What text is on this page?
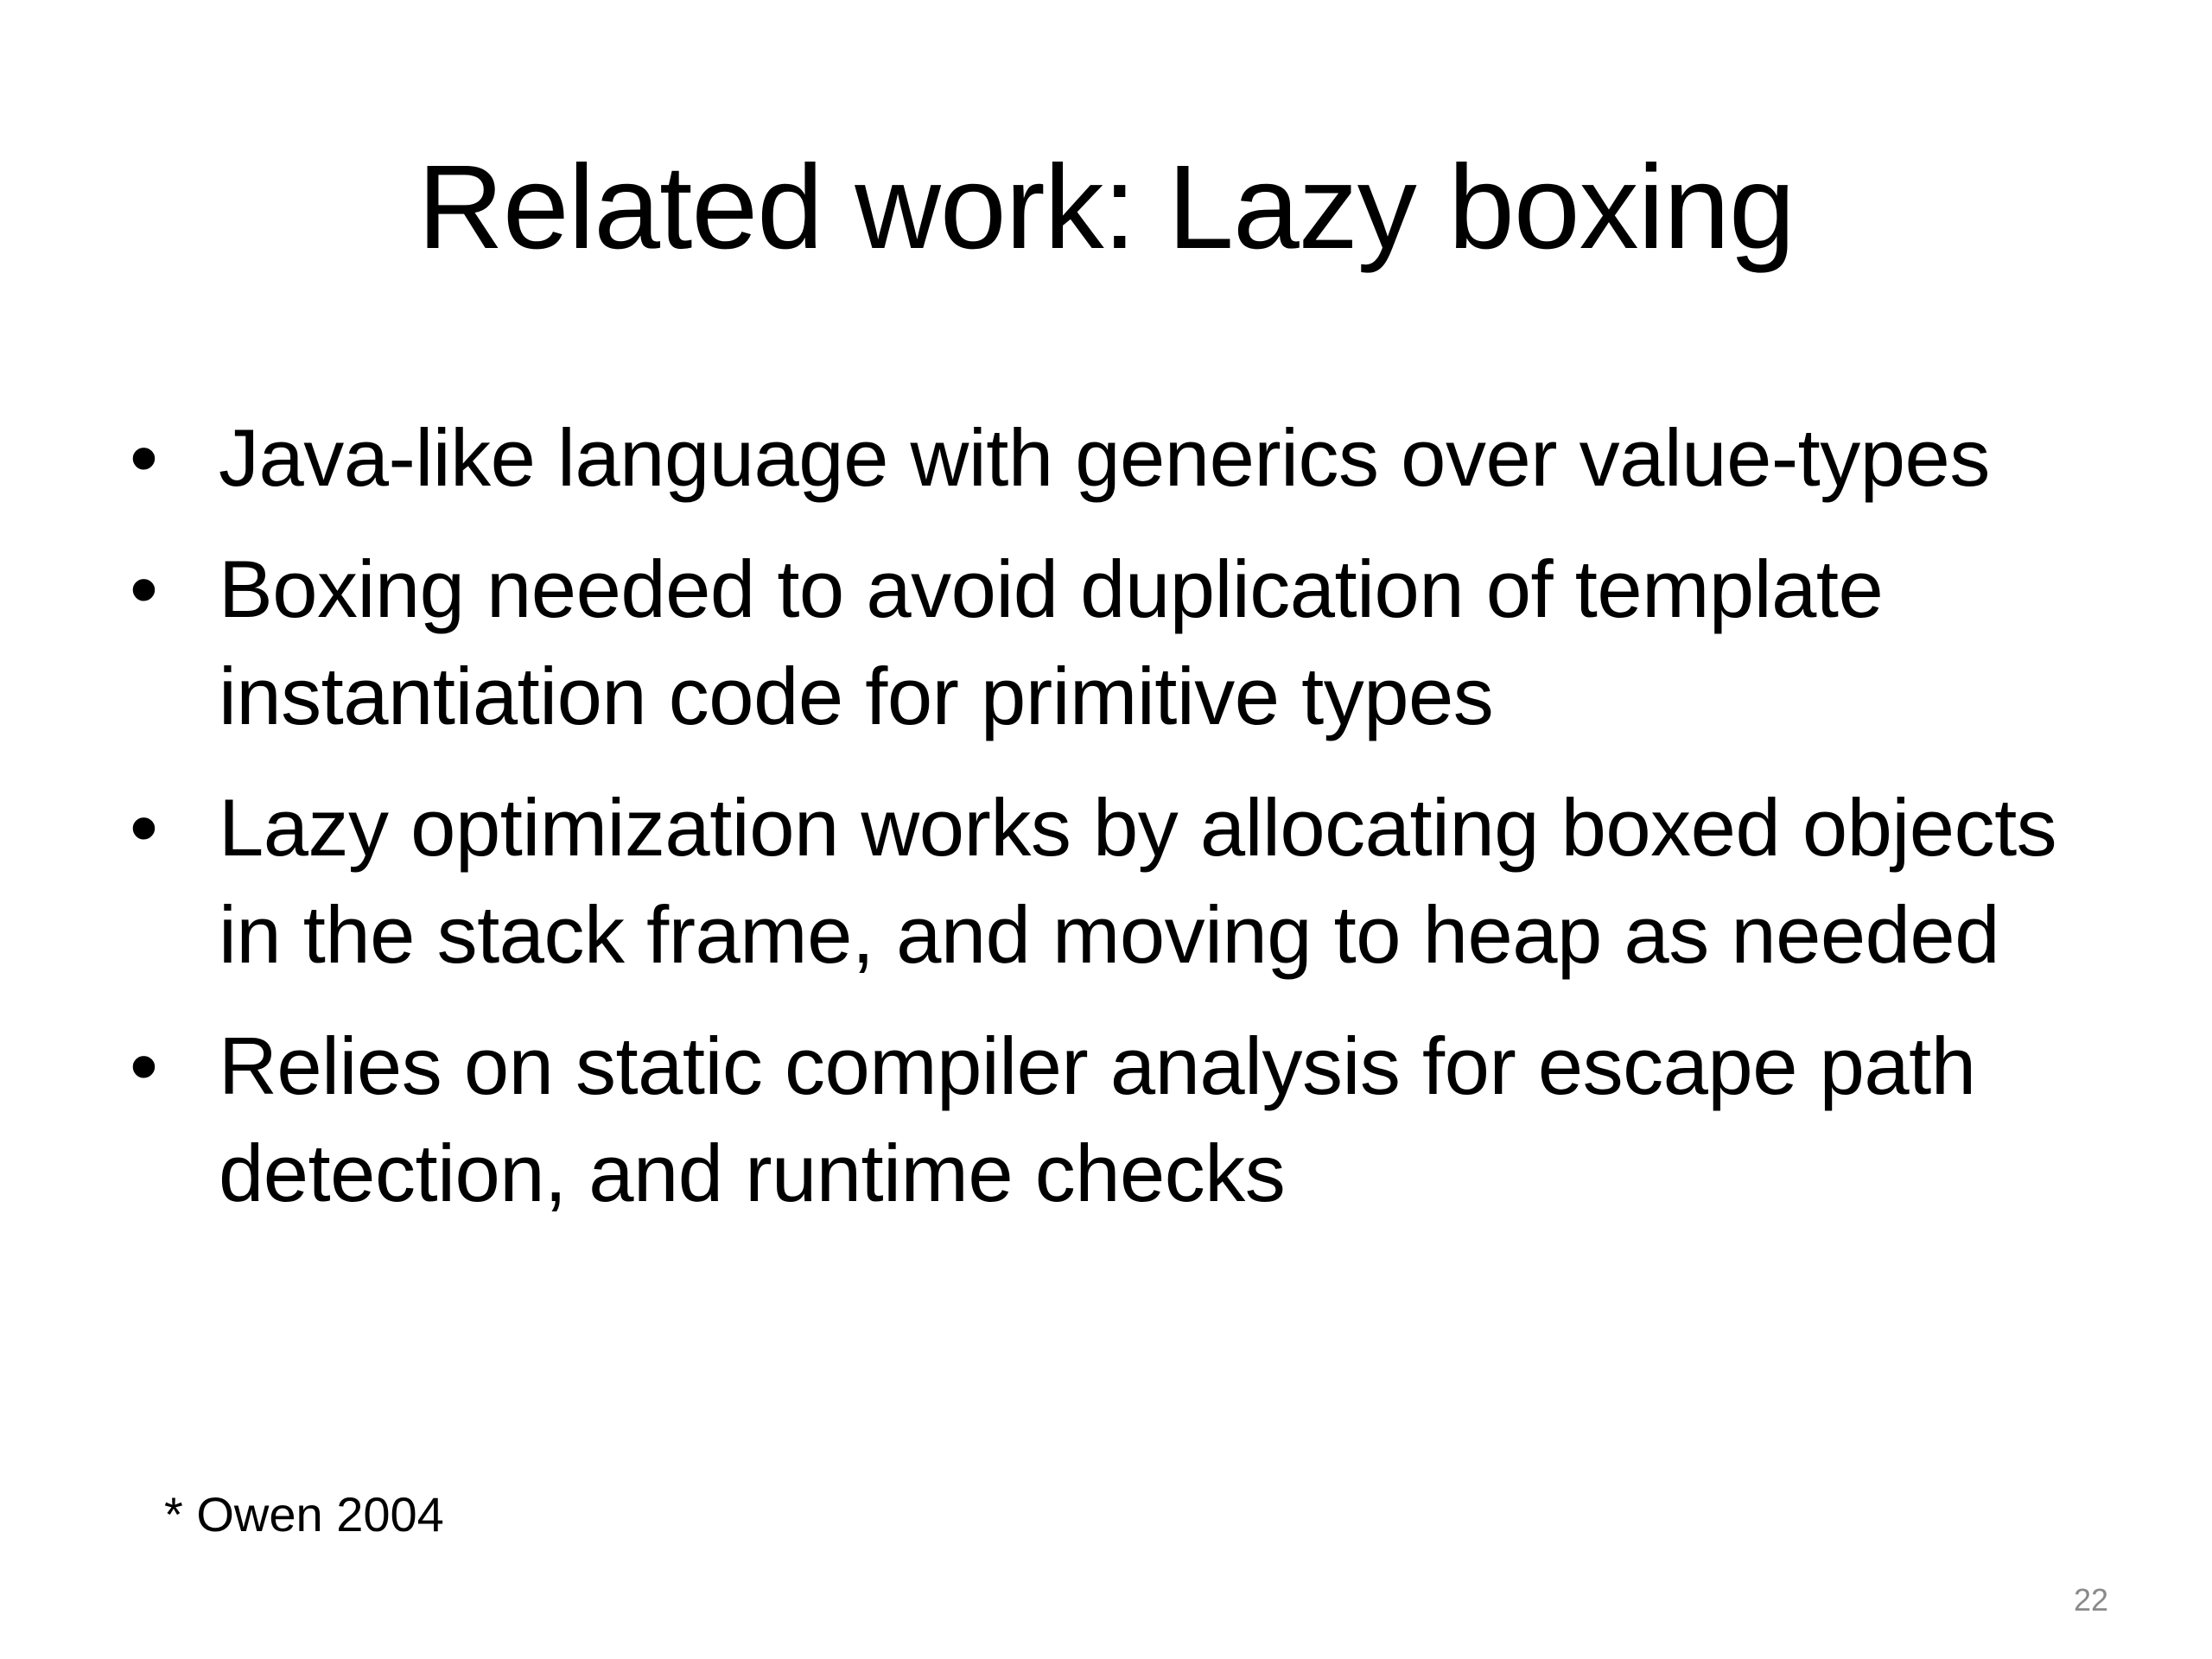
Related work: Lazy boxing
• Java-like language with generics over value-types
• Boxing needed to avoid duplication of template instantiation code for primitive types
• Lazy optimization works by allocating boxed objects in the stack frame, and moving to heap as needed
• Relies on static compiler analysis for escape path detection, and runtime checks
* Owen 2004
22
